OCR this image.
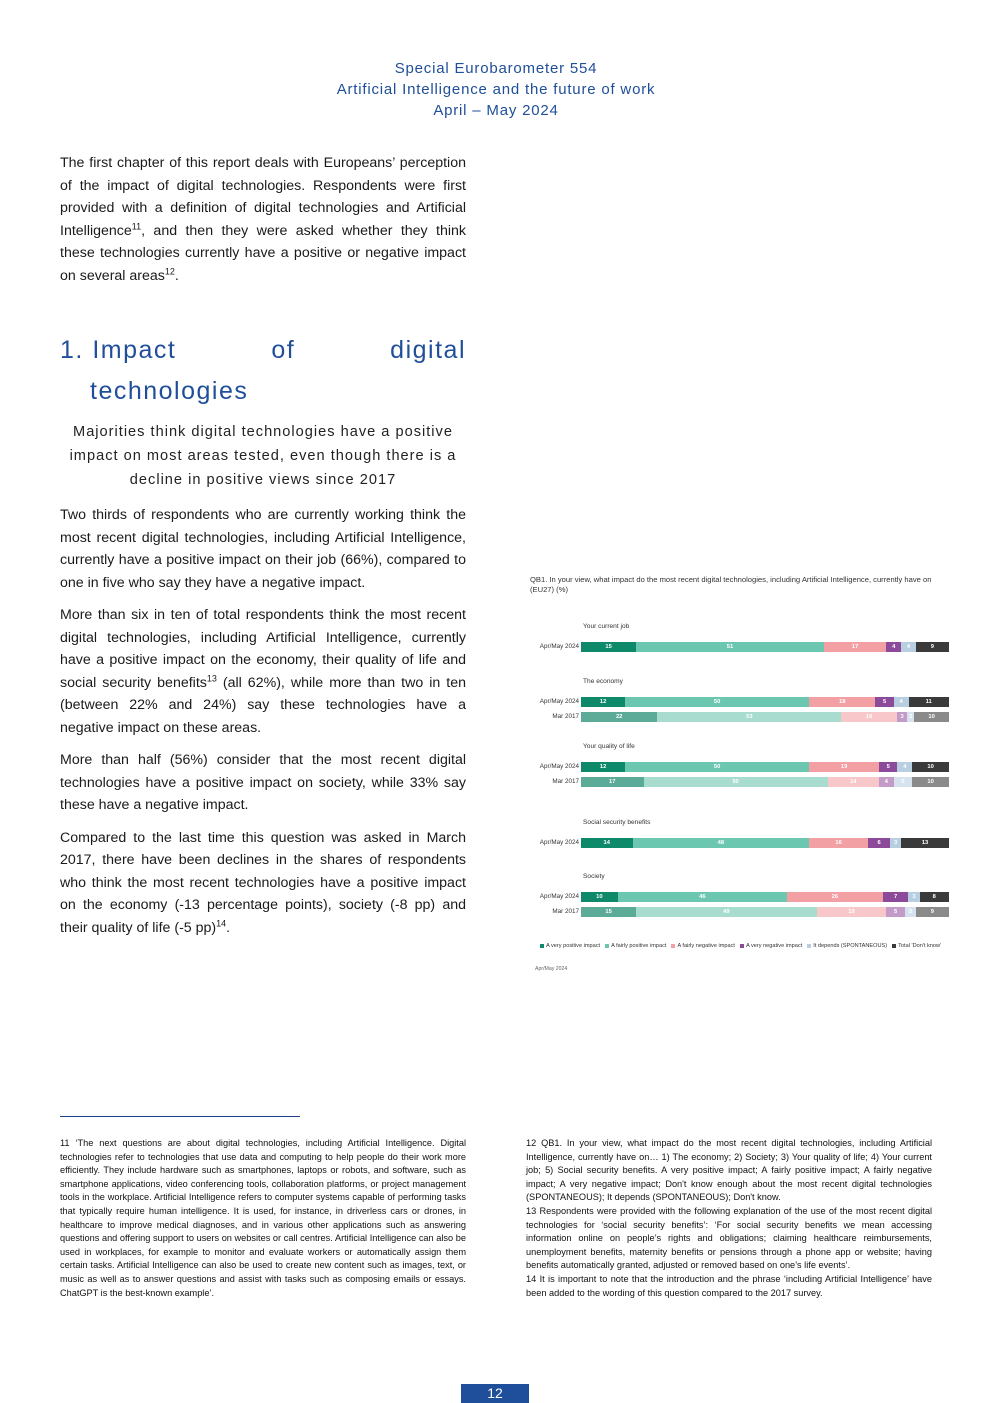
Special Eurobarometer 554
Artificial Intelligence and the future of work
April – May 2024

The first chapter of this report deals with Europeans’ perception of the impact of digital technologies. Respondents were first provided with a definition of digital technologies and Artificial Intelligence$^{11}$, and then they were asked whether they think these technologies currently have a positive or negative impact on several areas$^{12}$.

1. Impact	of	digital
technologies
Majorities think digital technologies have a positive impact on most areas tested, even though there is a decline in positive views since 2017

Two thirds of respondents who are currently working think the most recent digital technologies, including Artificial Intelligence, currently have a positive impact on their job (66%), compared to one in five who say they have a negative impact.

More than six in ten of total respondents think the most recent digital technologies, including Artificial Intelligence, currently have a positive impact on the economy, their quality of life and social security benefits$^{13}$ (all 62%), while more than two in ten (between 22% and 24%) say these technologies have a negative impact on these areas.

More than half (56%) consider that the most recent digital technologies have a positive impact on society, while 33% say these have a negative impact.

Compared to the last time this question was asked in March 2017, there have been declines in the shares of respondents who think the most recent technologies have a positive impact on the economy (-13 percentage points), society (-8 pp) and their quality of life (-5 pp)$^{14}$.

QB1. In your view, what impact do the most recent digital technologies, including Artificial Intelligence, currently have on (EU27) (%)

A very positive impact A fairly positive impact A fairly negative impact A very negative impact It depends (SPONTANEOUS) Total 'Don't know'
Apr/May 2024
Your current job
Apr/May 2024	15	51	17	4	4	9
The economy
Apr/May 2024	12	50	18	5	4	11
Mar 2017	22	53	16	3 2	10
Your quality of life
Apr/May 2024	12	50	19	5	4	10
Mar 2017	17	50	14	4	5	10
Social security benefits
Apr/May 2024	14	48	16	6	3	13
Society
Apr/May 2024	10	46	26	7	3	8
Mar 2017	15	49	19	5	3	9

11 ‘The next questions are about digital technologies, including Artificial Intelligence. Digital technologies refer to technologies that use data and computing to help people do their work more efficiently. They include hardware such as smartphones, laptops or robots, and software, such as smartphone applications, video conferencing tools, collaboration platforms, or project management tools in the workplace. Artificial Intelligence refers to computer systems capable of performing tasks that typically require human intelligence. It is used, for instance, in driverless cars or drones, in healthcare to improve medical diagnoses, and in various other applications such as answering questions and offering support to users on websites or call centres. Artificial Intelligence can also be used in workplaces, for example to monitor and evaluate workers or automatically assign them certain tasks. Artificial Intelligence can also be used to create new content such as images, text, or music as well as to answer questions and assist with tasks such as composing emails or essays. ChatGPT is the best-known example’.

12 QB1. In your view, what impact do the most recent digital technologies, including Artificial Intelligence, currently have on… 1) The economy; 2) Society; 3) Your quality of life; 4) Your current job; 5) Social security benefits. A very positive impact; A fairly positive impact; A fairly negative impact; A very negative impact; Don't know enough about the most recent digital technologies (SPONTANEOUS); It depends (SPONTANEOUS); Don't know.

13 Respondents were provided with the following explanation of the use of the most recent digital technologies for ‘social security benefits’: ‘For social security benefits we mean accessing information online on people’s rights and obligations; claiming healthcare reimbursements, unemployment benefits, maternity benefits or pensions through a phone app or website; having benefits automatically granted, adjusted or removed based on one’s life events’.

14 It is important to note that the introduction and the phrase ‘including Artificial Intelligence’ have been added to the wording of this question compared to the 2017 survey.

12
